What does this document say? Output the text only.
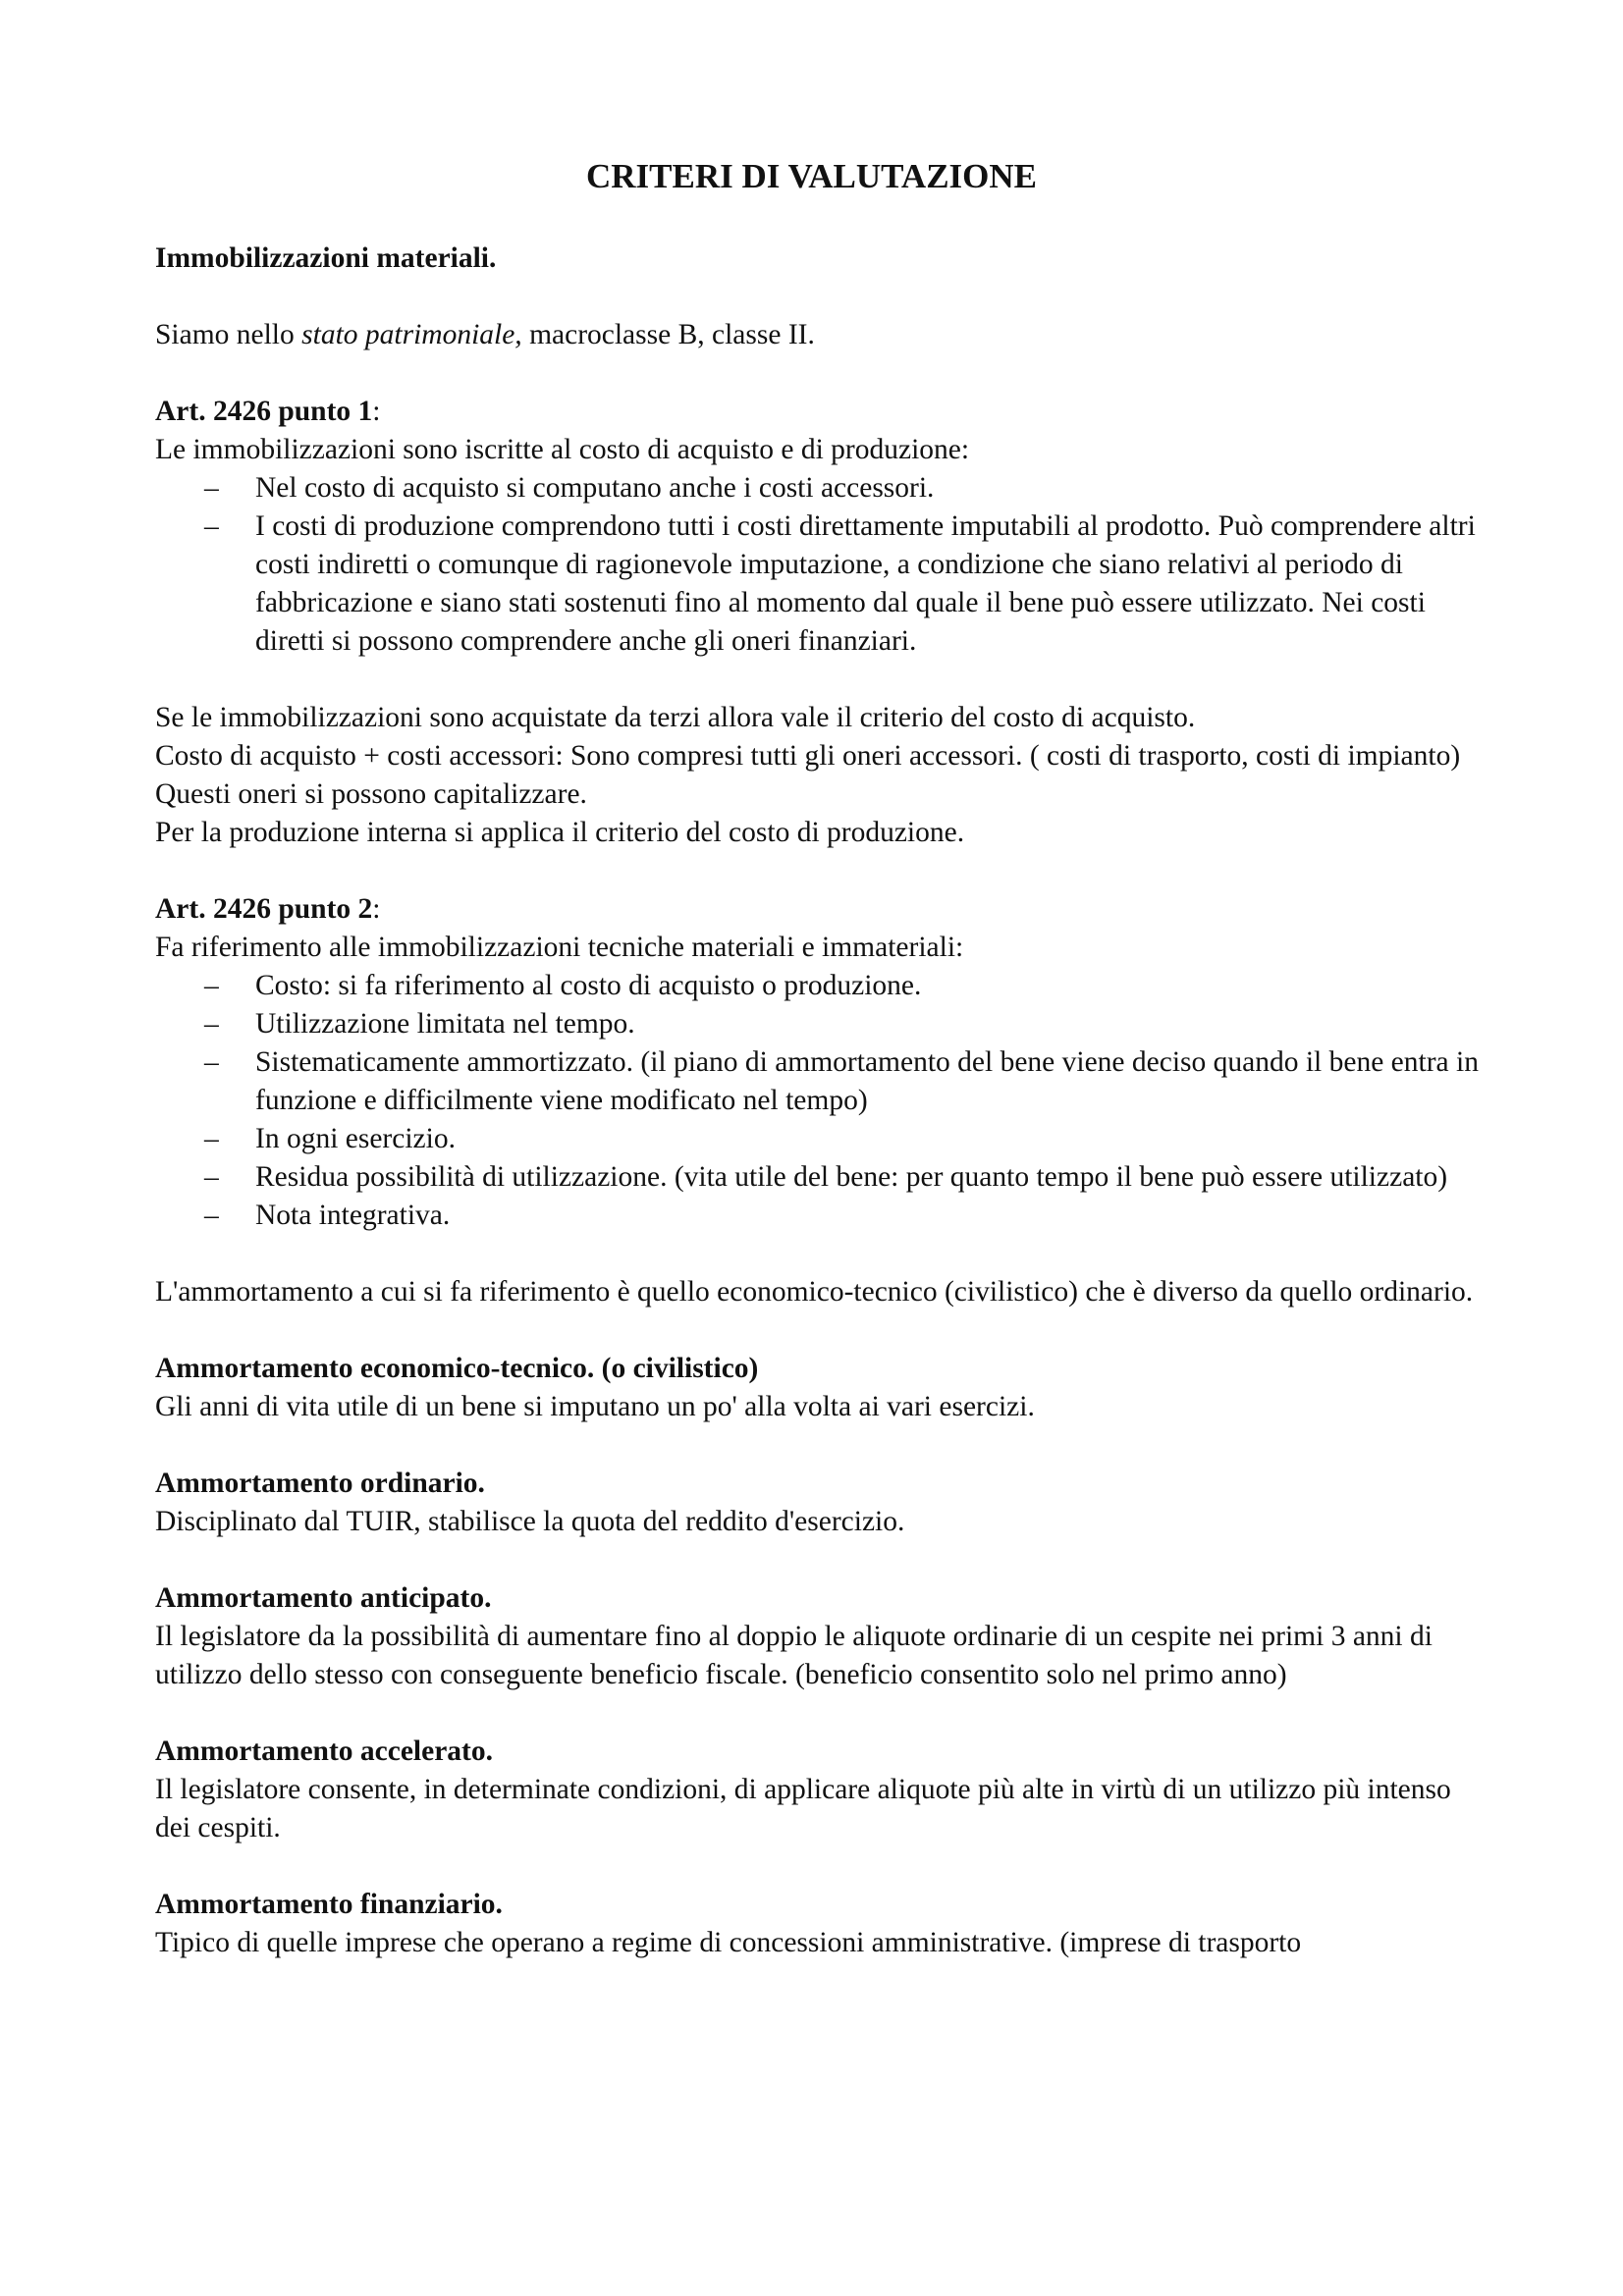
CRITERI DI VALUTAZIONE

Immobilizzazioni materiali.

Siamo nello stato patrimoniale, macroclasse B, classe II.

Art. 2426 punto 1:

Le immobilizzazioni sono iscritte al costo di acquisto e di produzione:

– Nel costo di acquisto si computano anche i costi accessori.
– I costi di produzione comprendono tutti i costi direttamente imputabili al prodotto. Può comprendere altri costi indiretti o comunque di ragionevole imputazione, a condizione che siano relativi al periodo di fabbricazione e siano stati sostenuti fino al momento dal quale il bene può essere utilizzato. Nei costi diretti si possono comprendere anche gli oneri finanziari.

Se le immobilizzazioni sono acquistate da terzi allora vale il criterio del costo di acquisto.

Costo di acquisto + costi accessori: Sono compresi tutti gli oneri accessori. ( costi di trasporto, costi di impianto) Questi oneri si possono capitalizzare.

Per la produzione interna si applica il criterio del costo di produzione.

Art. 2426 punto 2:

Fa riferimento alle immobilizzazioni tecniche materiali e immateriali:

– Costo: si fa riferimento al costo di acquisto o produzione.
– Utilizzazione limitata nel tempo.
– Sistematicamente ammortizzato. (il piano di ammortamento del bene viene deciso quando il bene entra in funzione e difficilmente viene modificato nel tempo)
– In ogni esercizio.
– Residua possibilità di utilizzazione. (vita utile del bene: per quanto tempo il bene può essere utilizzato)
– Nota integrativa.

L'ammortamento a cui si fa riferimento è quello economico-tecnico (civilistico) che è diverso da quello ordinario.

Ammortamento economico-tecnico. (o civilistico)

Gli anni di vita utile di un bene si imputano un po' alla volta ai vari esercizi.

Ammortamento ordinario.

Disciplinato dal TUIR, stabilisce la quota del reddito d'esercizio.

Ammortamento anticipato.

Il legislatore da la possibilità di aumentare fino al doppio le aliquote ordinarie di un cespite nei primi 3 anni di utilizzo dello stesso con conseguente beneficio fiscale. (beneficio consentito solo nel primo anno)

Ammortamento accelerato.

Il legislatore consente, in determinate condizioni, di applicare aliquote più alte in virtù di un utilizzo più intenso dei cespiti.

Ammortamento finanziario.

Tipico di quelle imprese che operano a regime di concessioni amministrative. (imprese di trasporto
